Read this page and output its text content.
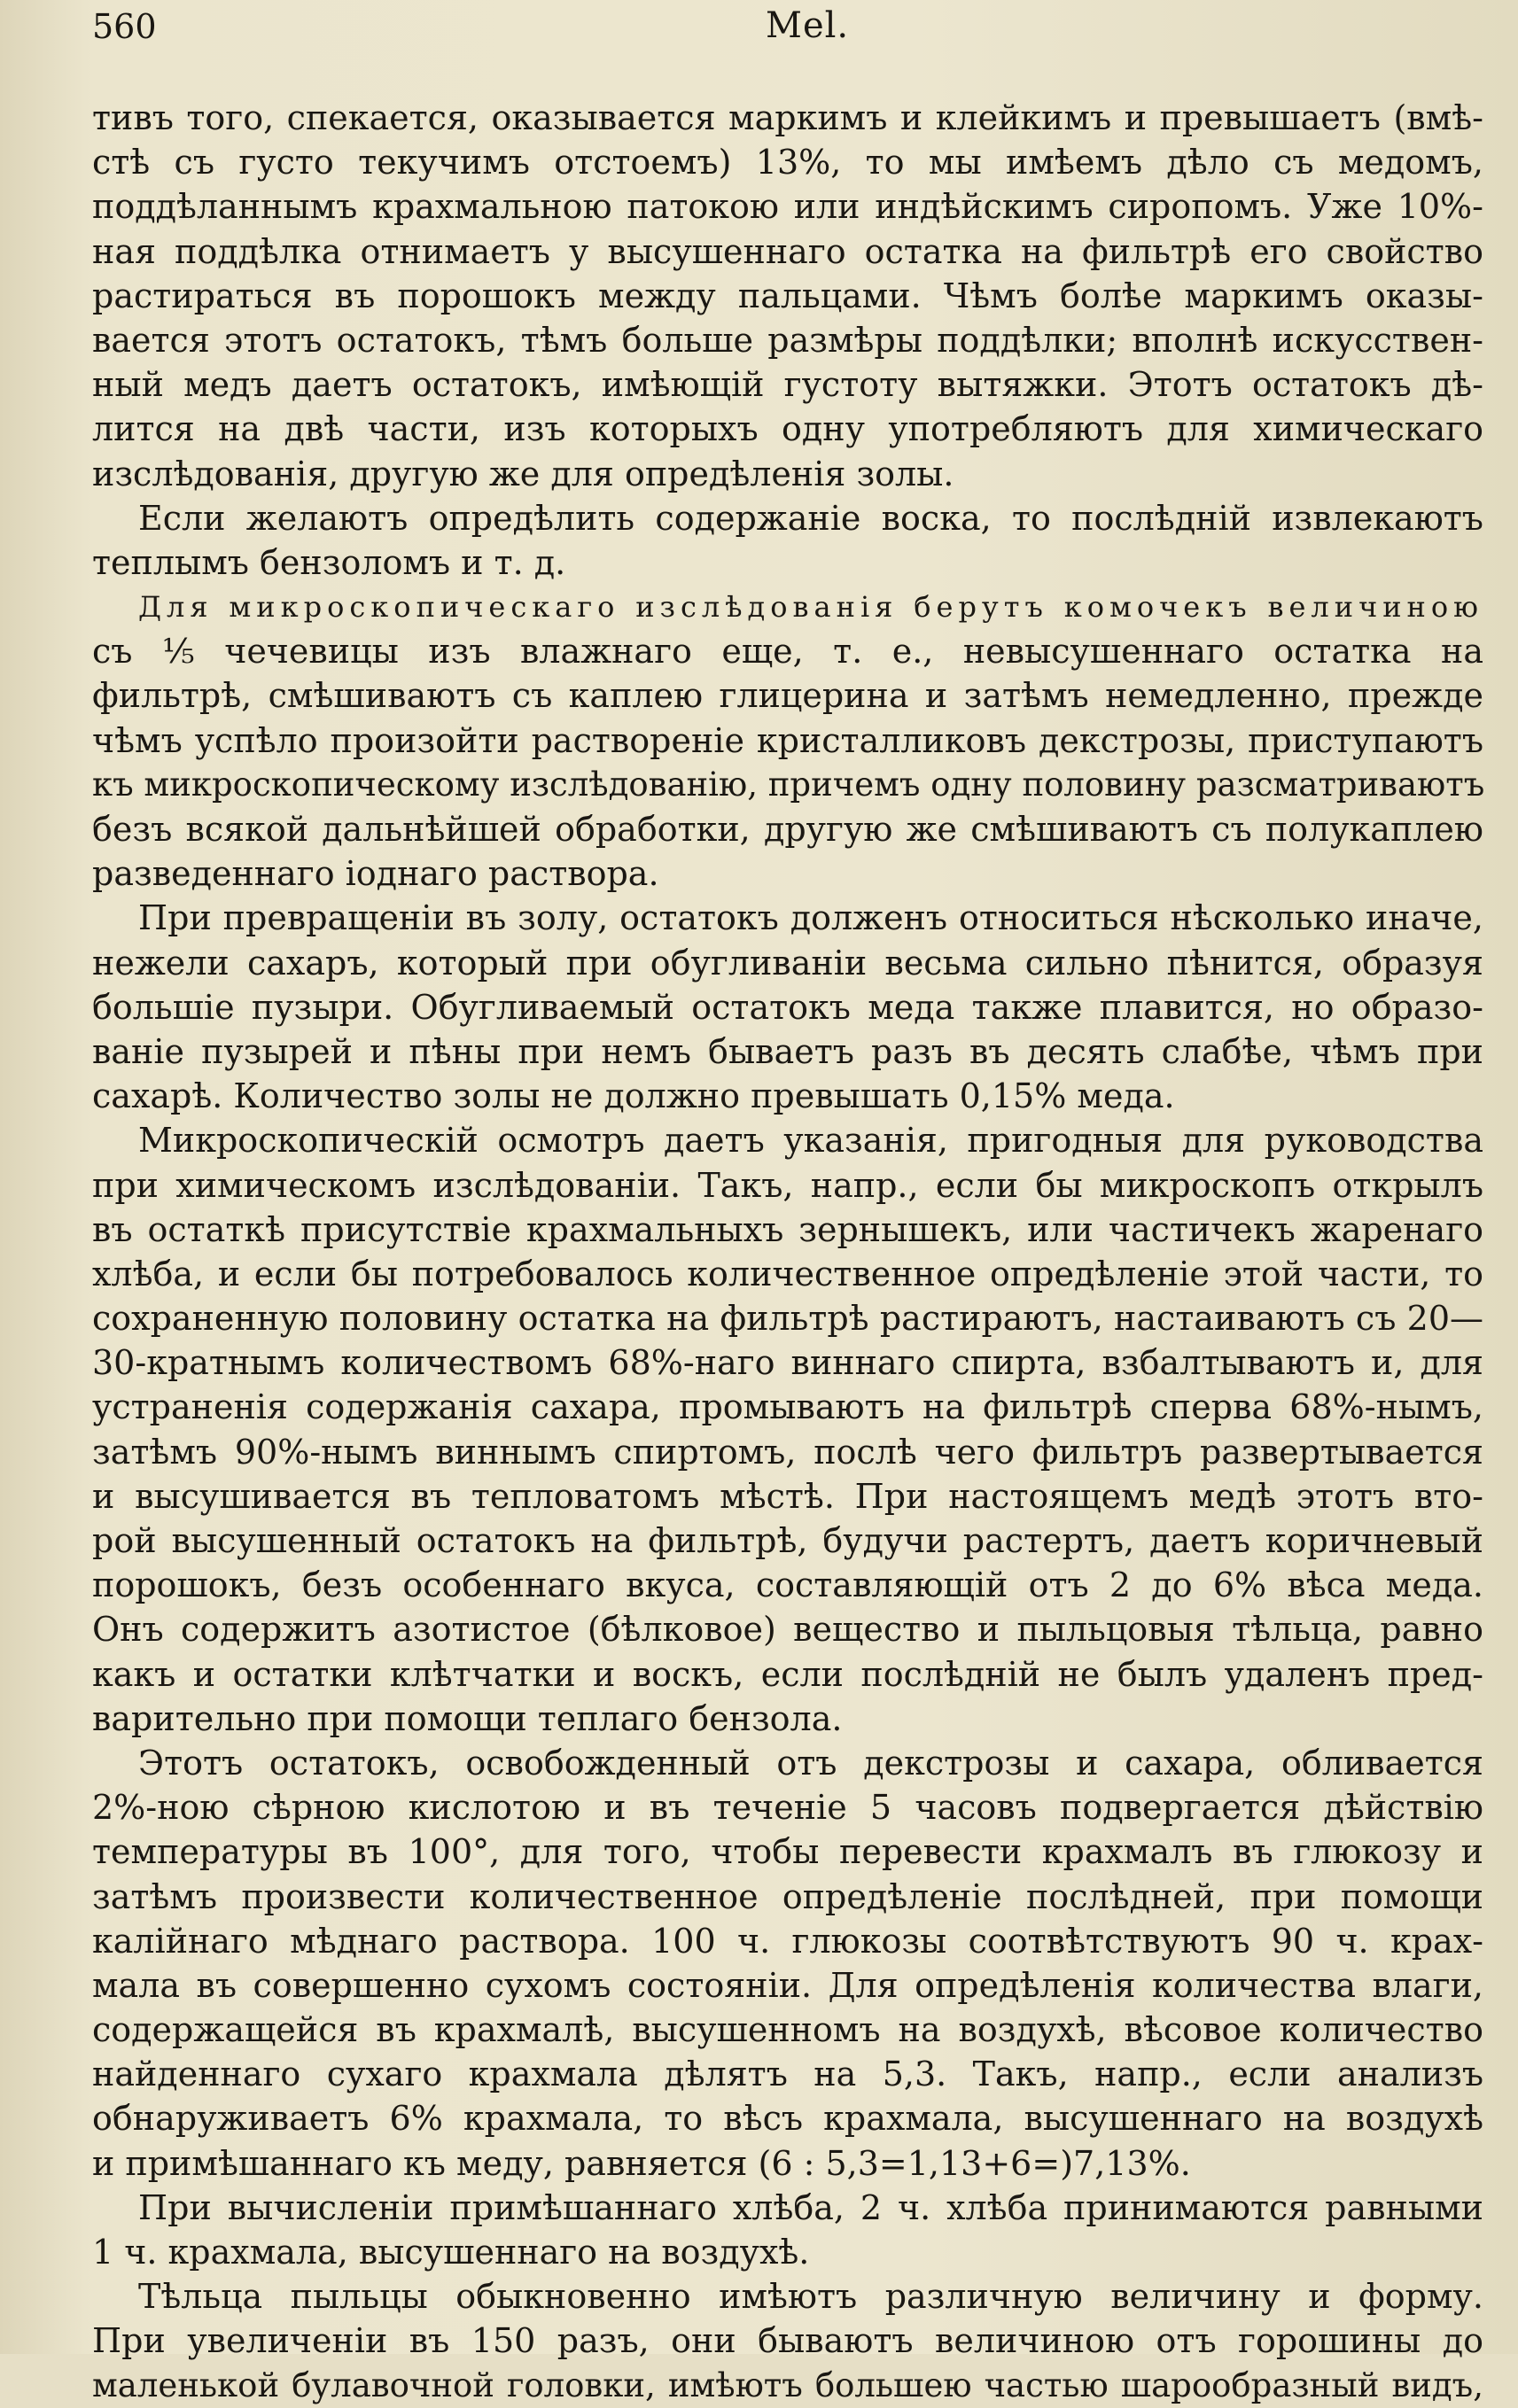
560	Mel.
тивъ того, спекается, оказывается маркимъ и клейкимъ и превышаетъ (вмѣ-
стѣ съ густо текучимъ отстоемъ) 13%, то мы имѣемъ дѣло съ медомъ,
поддѣланнымъ крахмальною патокою или индѣйскимъ сиропомъ. Уже 10%-
ная поддѣлка отнимаетъ у высушеннаго остатка на фильтрѣ его свойство
растираться въ порошокъ между пальцами. Чѣмъ болѣе маркимъ оказы-
вается этотъ остатокъ, тѣмъ больше размѣры поддѣлки; вполнѣ искусствен-
ный медъ даетъ остатокъ, имѣющій густоту вытяжки. Этотъ остатокъ дѣ-
лится на двѣ части, изъ которыхъ одну употребляютъ для химическаго
изслѣдованія, другую же для опредѣленія золы.
Если желаютъ опредѣлить содержаніе воска, то послѣдній извлекаютъ
теплымъ бензоломъ и т. д.
Для микроскопическаго изслѣдованія берутъ комочекъ величиною
съ ⅕ чечевицы изъ влажнаго еще, т. е., невысушеннаго остатка на
фильтрѣ, смѣшиваютъ съ каплею глицерина и затѣмъ немедленно, прежде
чѣмъ успѣло произойти раствореніе кристалликовъ декстрозы, приступаютъ
къ микроскопическому изслѣдованію, причемъ одну половину разсматриваютъ
безъ всякой дальнѣйшей обработки, другую же смѣшиваютъ съ полукаплею
разведеннаго іоднаго раствора.
При превращеніи въ золу, остатокъ долженъ относиться нѣсколько иначе,
нежели сахаръ, который при обугливаніи весьма сильно пѣнится, образуя
большіе пузыри. Обугливаемый остатокъ меда также плавится, но образо-
ваніе пузырей и пѣны при немъ бываетъ разъ въ десять слабѣе, чѣмъ при
сахарѣ. Количество золы не должно превышать 0,15% меда.
Микроскопическій осмотръ даетъ указанія, пригодныя для руководства
при химическомъ изслѣдованіи. Такъ, напр., если бы микроскопъ открылъ
въ остаткѣ присутствіе крахмальныхъ зернышекъ, или частичекъ жаренаго
хлѣба, и если бы потребовалось количественное опредѣленіе этой части, то
сохраненную половину остатка на фильтрѣ растираютъ, настаиваютъ съ 20—
30-кратнымъ количествомъ 68%-наго виннаго спирта, взбалтываютъ и, для
устраненія содержанія сахара, промываютъ на фильтрѣ сперва 68%-нымъ,
затѣмъ 90%-нымъ виннымъ спиртомъ, послѣ чего фильтръ развертывается
и высушивается въ тепловатомъ мѣстѣ. При настоящемъ медѣ этотъ вто-
рой высушенный остатокъ на фильтрѣ, будучи растертъ, даетъ коричневый
порошокъ, безъ особеннаго вкуса, составляющій отъ 2 до 6% вѣса меда.
Онъ содержитъ азотистое (бѣлковое) вещество и пыльцовыя тѣльца, равно
какъ и остатки клѣтчатки и воскъ, если послѣдній не былъ удаленъ пред-
варительно при помощи теплаго бензола.
Этотъ остатокъ, освобожденный отъ декстрозы и сахара, обливается
2%-ною сѣрною кислотою и въ теченіе 5 часовъ подвергается дѣйствію
температуры въ 100°, для того, чтобы перевести крахмалъ въ глюкозу и
затѣмъ произвести количественное опредѣленіе послѣдней, при помощи
калійнаго мѣднаго раствора. 100 ч. глюкозы соотвѣтствуютъ 90 ч. крах-
мала въ совершенно сухомъ состояніи. Для опредѣленія количества влаги,
содержащейся въ крахмалѣ, высушенномъ на воздухѣ, вѣсовое количество
найденнаго сухаго крахмала дѣлятъ на 5,3. Такъ, напр., если анализъ
обнаруживаетъ 6% крахмала, то вѣсъ крахмала, высушеннаго на воздухѣ
и примѣшаннаго къ меду, равняется (6 : 5,3=1,13+6=)7,13%.
При вычисленіи примѣшаннаго хлѣба, 2 ч. хлѣба принимаются равными
1 ч. крахмала, высушеннаго на воздухѣ.
Тѣльца пыльцы обыкновенно имѣютъ различную величину и форму.
При увеличеніи въ 150 разъ, они бываютъ величиною отъ горошины до
маленькой булавочной головки, имѣютъ большею частью шарообразный видъ,
